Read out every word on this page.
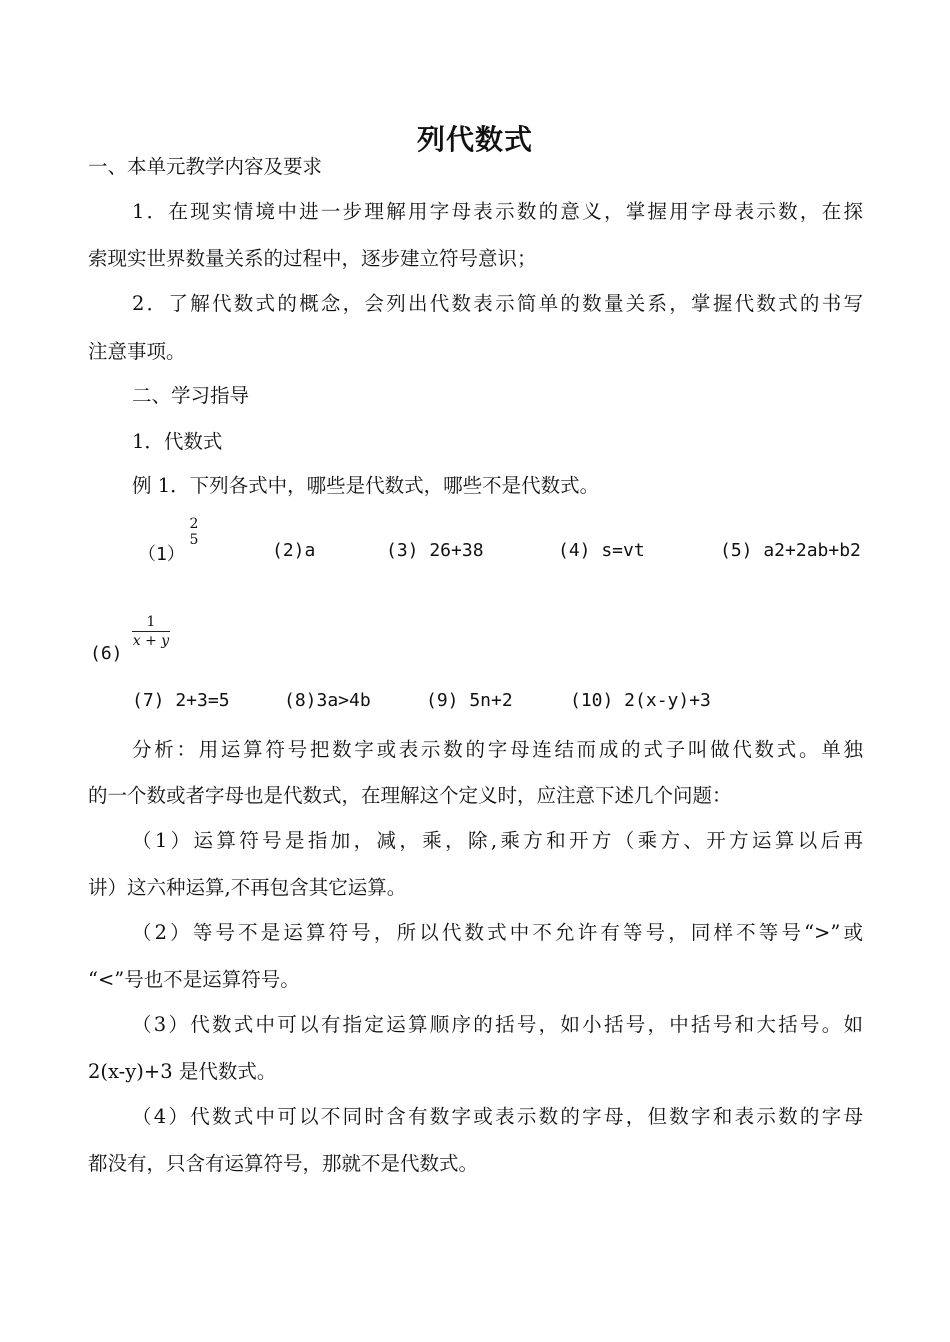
列代数式
一、本单元教学内容及要求
1．在现实情境中进一步理解用字母表示数的意义，掌握用字母表示数，在探
索现实世界数量关系的过程中，逐步建立符号意识；
2．了解代数式的概念，会列出代数表示简单的数量关系，掌握代数式的书写
注意事项。
二、学习指导
1．代数式
例 1．下列各式中，哪些是代数式，哪些不是代数式。
（1）
2
5	(2)a	(3) 26+38	(4) s=vt	(5) a2+2ab+b2
(6)
1
x + y
(7) 2+3=5	(8)3a>4b	(9) 5n+2	(10) 2(x-y)+3
分析：用运算符号把数字或表示数的字母连结而成的式子叫做代数式。单独
的一个数或者字母也是代数式，在理解这个定义时，应注意下述几个问题：
（1）运算符号是指加，减，乘，除,乘方和开方（乘方、开方运算以后再
讲）这六种运算,不再包含其它运算。
（2）等号不是运算符号，所以代数式中不允许有等号，同样不等号“>”或
“<”号也不是运算符号。
（3）代数式中可以有指定运算顺序的括号，如小括号，中括号和大括号。如
2(x-y)+3 是代数式。
（4）代数式中可以不同时含有数字或表示数的字母，但数字和表示数的字母
都没有，只含有运算符号，那就不是代数式。
